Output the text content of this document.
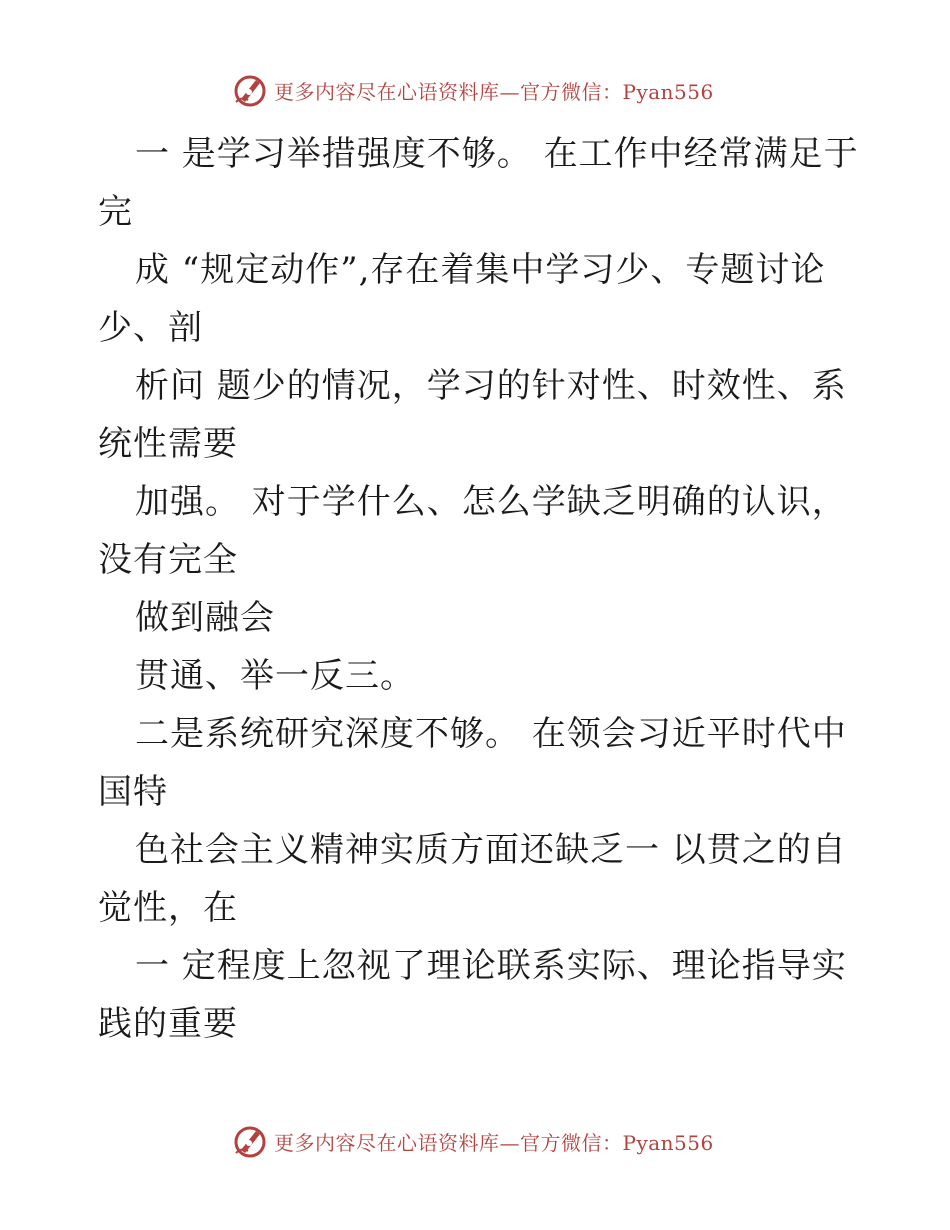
更多内容尽在心语资料库—官方微信：Pyan556
一 是学习举措强度不够。 在工作中经常满足于
完
成 “规定动作”,存在着集中学习少、专题讨论
少、剖
析问 题少的情况，学习的针对性、时效性、系
统性需要
加强。 对于学什么、怎么学缺乏明确的认识，
没有完全
做到融会
贯通、举一反三。
二是系统研究深度不够。 在领会习近平时代中
国特
色社会主义精神实质方面还缺乏一 以贯之的自
觉性，在
一 定程度上忽视了理论联系实际、理论指导实
践的重要
更多内容尽在心语资料库—官方微信：Pyan556
